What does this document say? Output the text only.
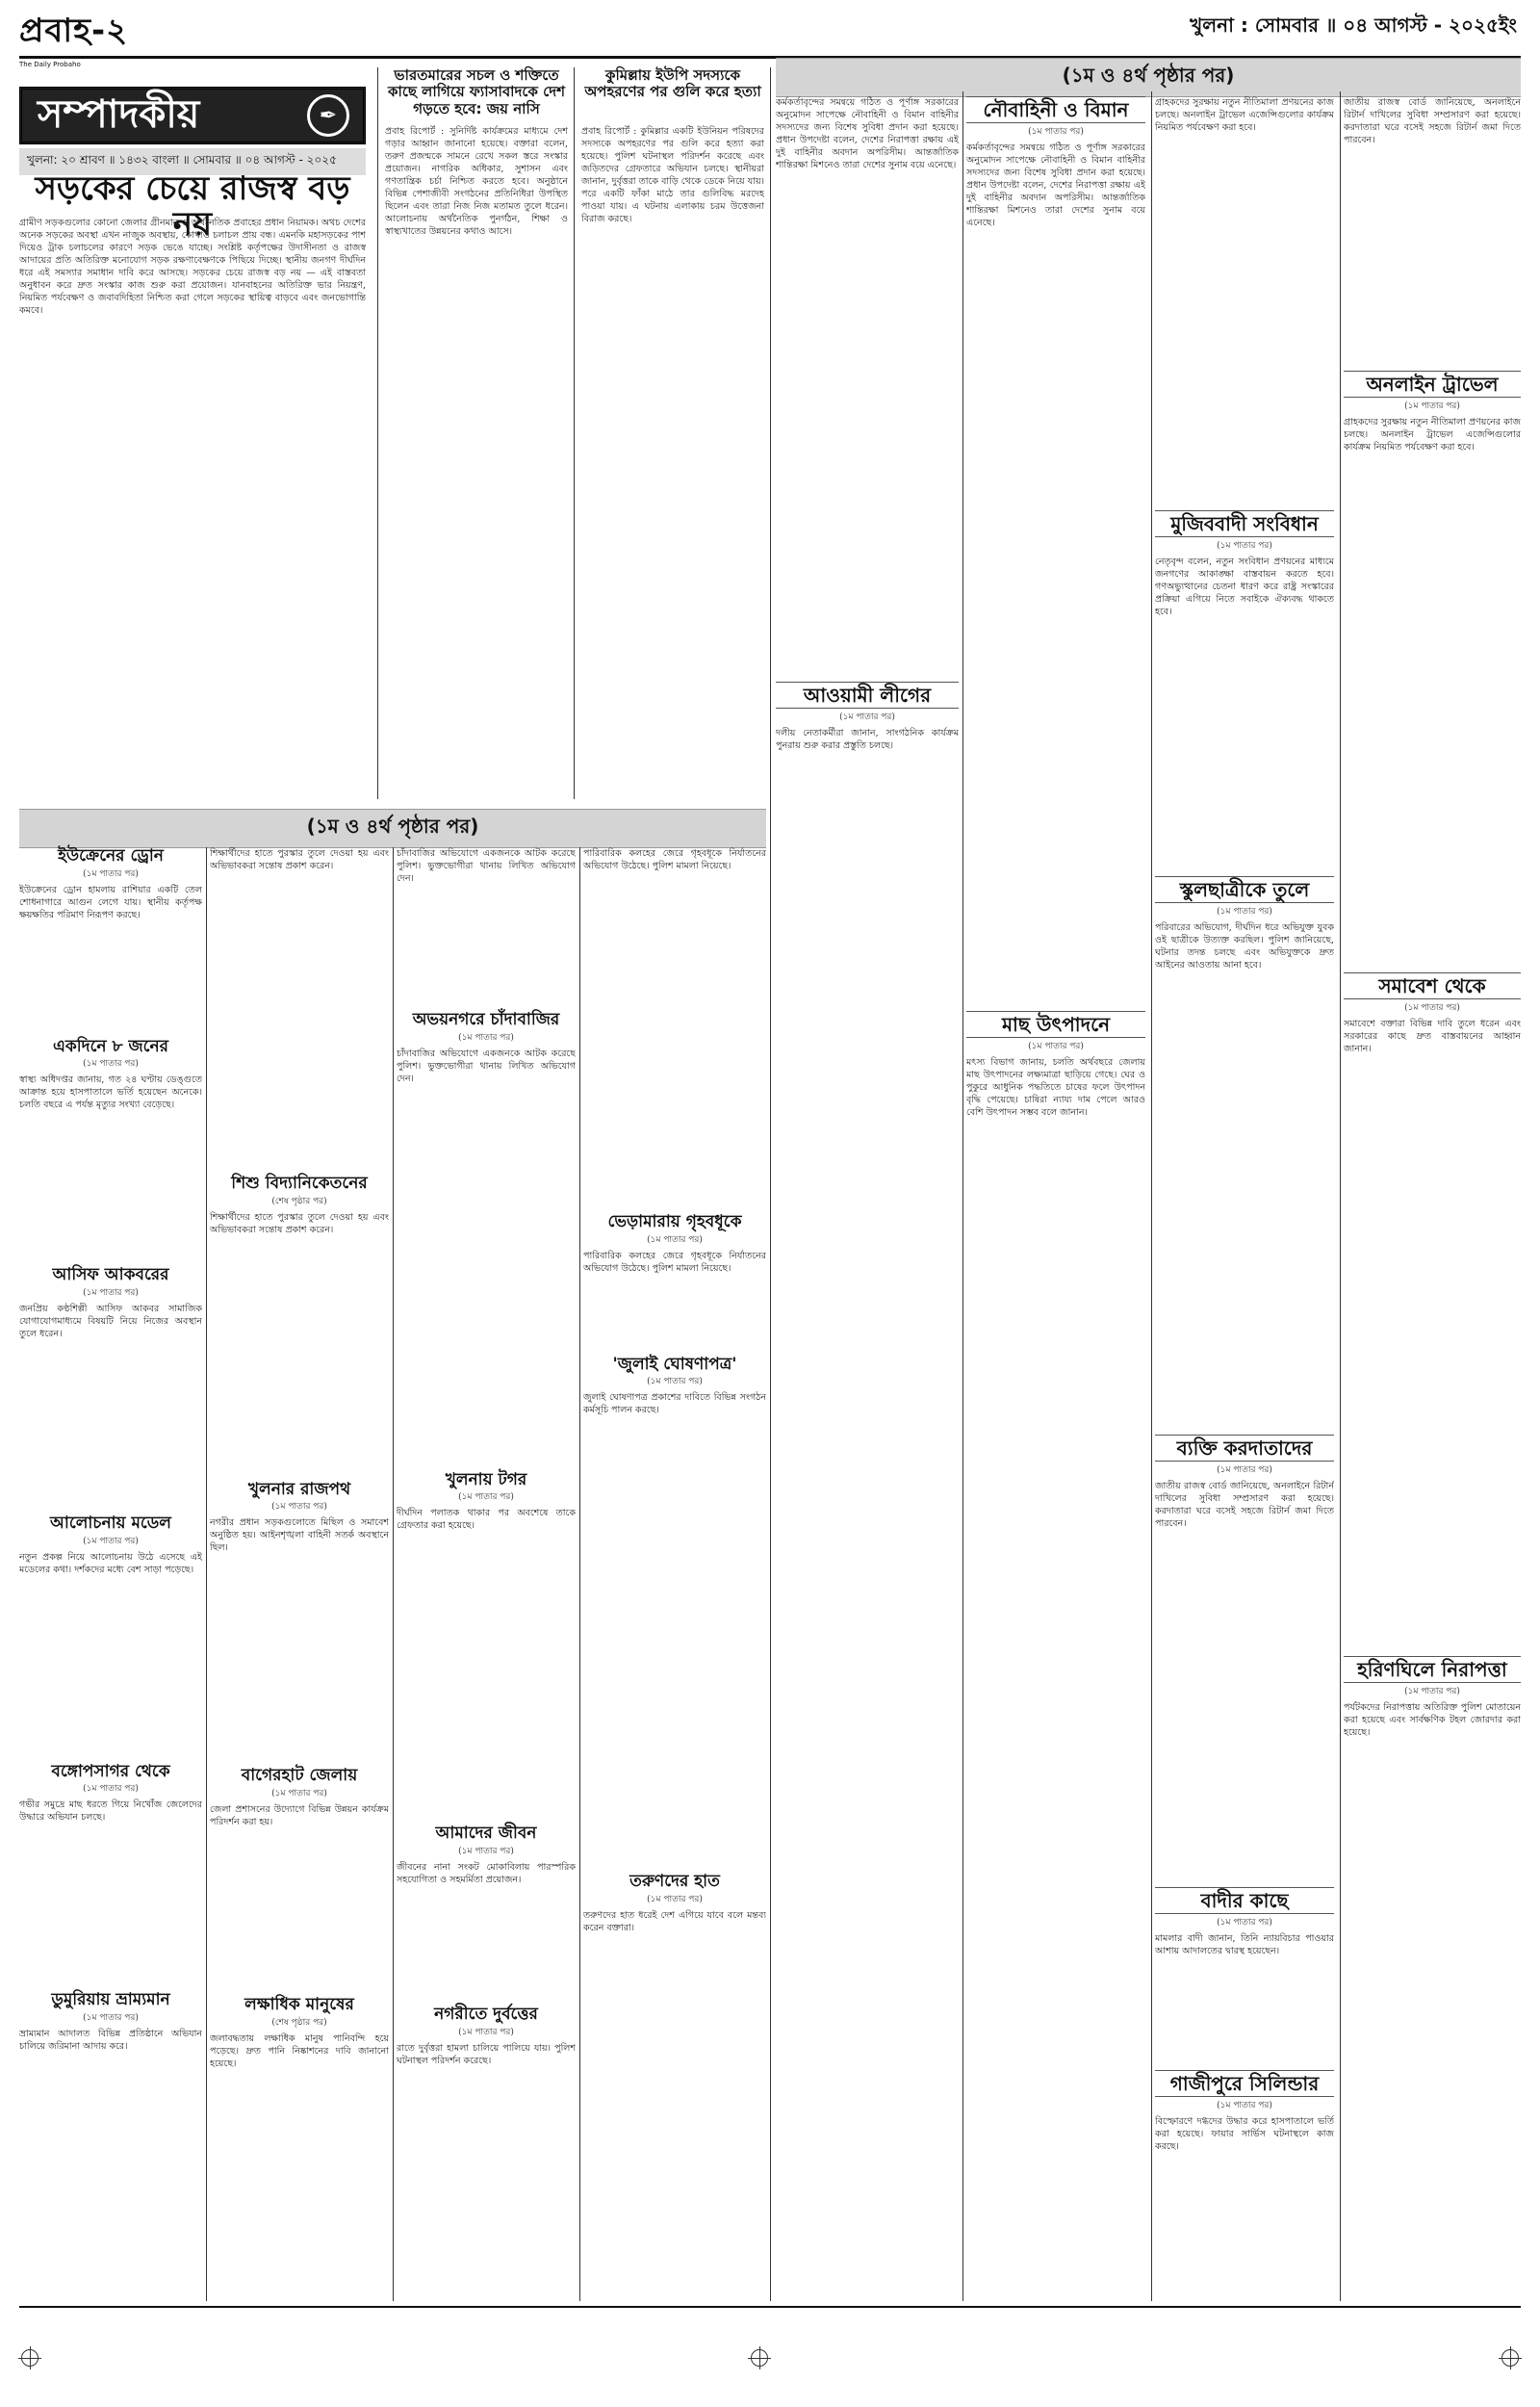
প্রবাহ-২
The Daily Probaho
খুলনা : সোমবার ॥ ০৪ আগস্ট - ২০২৫ইং
সম্পাদকীয়	✒
খুলনা: ২০ শ্রাবণ ॥ ১৪৩২ বাংলা ॥ সোমবার ॥ ০৪ আগস্ট - ২০২৫
সড়কের চেয়ে রাজস্ব বড় নয়
গ্রামীণ সড়কগুলোর কোনো জেলার গ্রীনমান ও অর্থনৈতিক প্রবাহের প্রধান নিয়ামক। অথচ দেশের অনেক সড়কের অবস্থা এখন নাজুক অবস্থায়, কোথাও চলাচল প্রায় বন্ধ। এমনকি মহাসড়কের পাশ দিয়েও ট্রাক চলাচলের কারণে সড়ক ভেঙে যাচ্ছে। সংশ্লিষ্ট কর্তৃপক্ষের উদাসীনতা ও রাজস্ব আদায়ের প্রতি অতিরিক্ত মনোযোগ সড়ক রক্ষণাবেক্ষণকে পিছিয়ে দিচ্ছে। স্থানীয় জনগণ দীর্ঘদিন ধরে এই সমস্যার সমাধান দাবি করে আসছে। সড়কের চেয়ে রাজস্ব বড় নয় — এই বাস্তবতা অনুধাবন করে দ্রুত সংস্কার কাজ শুরু করা প্রয়োজন। যানবাহনের অতিরিক্ত ভার নিয়ন্ত্রণ, নিয়মিত পর্যবেক্ষণ ও জবাবদিহিতা নিশ্চিত করা গেলে সড়কের স্থায়িত্ব বাড়বে এবং জনভোগান্তি কমবে।
ভারতমারের সচল ও শক্তিতে কাছে লাগিয়ে ফ্যাসাবাদকে দেশ গড়তে হবে: জয় নাসি
প্রবাহ রিপোর্ট : সুনির্দিষ্ট কার্যক্রমের মাধ্যমে দেশ গড়ার আহ্বান জানানো হয়েছে। বক্তারা বলেন, তরুণ প্রজন্মকে সামনে রেখে সকল স্তরে সংস্কার প্রয়োজন। নাগরিক অধিকার, সুশাসন এবং গণতান্ত্রিক চর্চা নিশ্চিত করতে হবে। অনুষ্ঠানে বিভিন্ন পেশাজীবী সংগঠনের প্রতিনিধিরা উপস্থিত ছিলেন এবং তারা নিজ নিজ মতামত তুলে ধরেন। আলোচনায় অর্থনৈতিক পুনর্গঠন, শিক্ষা ও স্বাস্থ্যখাতের উন্নয়নের কথাও আসে।
কুমিল্লায় ইউপি সদস্যকে অপহরণের পর গুলি করে হত্যা
প্রবাহ রিপোর্ট : কুমিল্লার একটি ইউনিয়ন পরিষদের সদস্যকে অপহরণের পর গুলি করে হত্যা করা হয়েছে। পুলিশ ঘটনাস্থল পরিদর্শন করেছে এবং জড়িতদের গ্রেফতারে অভিযান চলছে। স্থানীয়রা জানান, দুর্বৃত্তরা তাকে বাড়ি থেকে ডেকে নিয়ে যায়। পরে একটি ফাঁকা মাঠে তার গুলিবিদ্ধ মরদেহ পাওয়া যায়। এ ঘটনায় এলাকায় চরম উত্তেজনা বিরাজ করছে।
(১ম ও ৪র্থ পৃষ্ঠার পর)
কর্মকর্তাবৃন্দের সমন্বয়ে গঠিত ও পূর্ণাঙ্গ সরকারের অনুমোদন সাপেক্ষে নৌবাহিনী ও বিমান বাহিনীর সদস্যদের জন্য বিশেষ সুবিধা প্রদান করা হয়েছে। প্রধান উপদেষ্টা বলেন, দেশের নিরাপত্তা রক্ষায় এই দুই বাহিনীর অবদান অপরিসীম। আন্তর্জাতিক শান্তিরক্ষা মিশনেও তারা দেশের সুনাম বয়ে এনেছে।
আওয়ামী লীগের
(১ম পাতার পর)
দলীয় নেতাকর্মীরা জানান, সাংগঠনিক কার্যক্রম পুনরায় শুরু করার প্রস্তুতি চলছে।
নৌবাহিনী ও বিমান
(১ম পাতার পর)
কর্মকর্তাবৃন্দের সমন্বয়ে গঠিত ও পূর্ণাঙ্গ সরকারের অনুমোদন সাপেক্ষে নৌবাহিনী ও বিমান বাহিনীর সদস্যদের জন্য বিশেষ সুবিধা প্রদান করা হয়েছে। প্রধান উপদেষ্টা বলেন, দেশের নিরাপত্তা রক্ষায় এই দুই বাহিনীর অবদান অপরিসীম। আন্তর্জাতিক শান্তিরক্ষা মিশনেও তারা দেশের সুনাম বয়ে এনেছে।
মাছ উৎপাদনে
(১ম পাতার পর)
মৎস্য বিভাগ জানায়, চলতি অর্থবছরে জেলায় মাছ উৎপাদনের লক্ষ্যমাত্রা ছাড়িয়ে গেছে। ঘের ও পুকুরে আধুনিক পদ্ধতিতে চাষের ফলে উৎপাদন বৃদ্ধি পেয়েছে। চাষিরা ন্যায্য দাম পেলে আরও বেশি উৎপাদন সম্ভব বলে জানান।
গ্রাহকদের সুরক্ষায় নতুন নীতিমালা প্রণয়নের কাজ চলছে। অনলাইন ট্রাভেল এজেন্সিগুলোর কার্যক্রম নিয়মিত পর্যবেক্ষণ করা হবে।
মুজিববাদী সংবিধান
(১ম পাতার পর)
নেতৃবৃন্দ বলেন, নতুন সংবিধান প্রণয়নের মাধ্যমে জনগণের আকাঙ্ক্ষা বাস্তবায়ন করতে হবে। গণঅভ্যুত্থানের চেতনা ধারণ করে রাষ্ট্র সংস্কারের প্রক্রিয়া এগিয়ে নিতে সবাইকে ঐক্যবদ্ধ থাকতে হবে।
স্কুলছাত্রীকে তুলে
(১ম পাতার পর)
পরিবারের অভিযোগ, দীর্ঘদিন ধরে অভিযুক্ত যুবক ওই ছাত্রীকে উত্যক্ত করছিল। পুলিশ জানিয়েছে, ঘটনার তদন্ত চলছে এবং অভিযুক্তকে দ্রুত আইনের আওতায় আনা হবে।
ব্যক্তি করদাতাদের
(১ম পাতার পর)
জাতীয় রাজস্ব বোর্ড জানিয়েছে, অনলাইনে রিটার্ন দাখিলের সুবিধা সম্প্রসারণ করা হয়েছে। করদাতারা ঘরে বসেই সহজে রিটার্ন জমা দিতে পারবেন।
বাদীর কাছে
(১ম পাতার পর)
মামলার বাদী জানান, তিনি ন্যায়বিচার পাওয়ার আশায় আদালতের দ্বারস্থ হয়েছেন।
গাজীপুরে সিলিন্ডার
(১ম পাতার পর)
বিস্ফোরণে দগ্ধদের উদ্ধার করে হাসপাতালে ভর্তি করা হয়েছে। ফায়ার সার্ভিস ঘটনাস্থলে কাজ করছে।
জাতীয় রাজস্ব বোর্ড জানিয়েছে, অনলাইনে রিটার্ন দাখিলের সুবিধা সম্প্রসারণ করা হয়েছে। করদাতারা ঘরে বসেই সহজে রিটার্ন জমা দিতে পারবেন।
অনলাইন ট্রাভেল
(১ম পাতার পর)
গ্রাহকদের সুরক্ষায় নতুন নীতিমালা প্রণয়নের কাজ চলছে। অনলাইন ট্রাভেল এজেন্সিগুলোর কার্যক্রম নিয়মিত পর্যবেক্ষণ করা হবে।
সমাবেশ থেকে
(১ম পাতার পর)
সমাবেশে বক্তারা বিভিন্ন দাবি তুলে ধরেন এবং সরকারের কাছে দ্রুত বাস্তবায়নের আহ্বান জানান।
হরিণঘিলে নিরাপত্তা
(১ম পাতার পর)
পর্যটকদের নিরাপত্তায় অতিরিক্ত পুলিশ মোতায়েন করা হয়েছে এবং সার্বক্ষণিক টহল জোরদার করা হয়েছে।
(১ম ও ৪র্থ পৃষ্ঠার পর)
ইউক্রেনের ড্রোন
(১ম পাতার পর)
ইউক্রেনের ড্রোন হামলায় রাশিয়ার একটি তেল শোধনাগারে আগুন লেগে যায়। স্থানীয় কর্তৃপক্ষ ক্ষয়ক্ষতির পরিমাণ নিরূপণ করছে।
একদিনে ৮ জনের
(১ম পাতার পর)
স্বাস্থ্য অধিদপ্তর জানায়, গত ২৪ ঘণ্টায় ডেঙ্গুতে আক্রান্ত হয়ে হাসপাতালে ভর্তি হয়েছেন অনেকে। চলতি বছরে এ পর্যন্ত মৃত্যুর সংখ্যা বেড়েছে।
আসিফ আকবরের
(১ম পাতার পর)
জনপ্রিয় কণ্ঠশিল্পী আসিফ আকবর সামাজিক যোগাযোগমাধ্যমে বিষয়টি নিয়ে নিজের অবস্থান তুলে ধরেন।
আলোচনায় মডেল
(১ম পাতার পর)
নতুন প্রকল্প নিয়ে আলোচনায় উঠে এসেছে এই মডেলের কথা। দর্শকদের মধ্যে বেশ সাড়া পড়েছে।
বঙ্গোপসাগর থেকে
(১ম পাতার পর)
গভীর সমুদ্রে মাছ ধরতে গিয়ে নিখোঁজ জেলেদের উদ্ধারে অভিযান চলছে।
ডুমুরিয়ায় ভ্রাম্যমান
(১ম পাতার পর)
ভ্রাম্যমান আদালত বিভিন্ন প্রতিষ্ঠানে অভিযান চালিয়ে জরিমানা আদায় করে।
শিক্ষার্থীদের হাতে পুরস্কার তুলে দেওয়া হয় এবং অভিভাবকরা সন্তোষ প্রকাশ করেন।
শিশু বিদ্যানিকেতনের
(শেষ পৃষ্ঠার পর)
শিক্ষার্থীদের হাতে পুরস্কার তুলে দেওয়া হয় এবং অভিভাবকরা সন্তোষ প্রকাশ করেন।
খুলনার রাজপথ
(১ম পাতার পর)
নগরীর প্রধান সড়কগুলোতে মিছিল ও সমাবেশ অনুষ্ঠিত হয়। আইনশৃঙ্খলা বাহিনী সতর্ক অবস্থানে ছিল।
বাগেরহাট জেলায়
(১ম পাতার পর)
জেলা প্রশাসনের উদ্যোগে বিভিন্ন উন্নয়ন কার্যক্রম পরিদর্শন করা হয়।
লক্ষাধিক মানুষের
(শেষ পৃষ্ঠার পর)
জলাবদ্ধতায় লক্ষাধিক মানুষ পানিবন্দি হয়ে পড়েছে। দ্রুত পানি নিষ্কাশনের দাবি জানানো হয়েছে।
চাঁদাবাজির অভিযোগে একজনকে আটক করেছে পুলিশ। ভুক্তভোগীরা থানায় লিখিত অভিযোগ দেন।
অভয়নগরে চাঁদাবাজির
(১ম পাতার পর)
চাঁদাবাজির অভিযোগে একজনকে আটক করেছে পুলিশ। ভুক্তভোগীরা থানায় লিখিত অভিযোগ দেন।
খুলনায় টগর
(১ম পাতার পর)
দীর্ঘদিন পলাতক থাকার পর অবশেষে তাকে গ্রেফতার করা হয়েছে।
আমাদের জীবন
(১ম পাতার পর)
জীবনের নানা সংকট মোকাবিলায় পারস্পরিক সহযোগিতা ও সহমর্মিতা প্রয়োজন।
নগরীতে দুর্বত্তের
(১ম পাতার পর)
রাতে দুর্বৃত্তরা হামলা চালিয়ে পালিয়ে যায়। পুলিশ ঘটনাস্থল পরিদর্শন করেছে।
পারিবারিক কলহের জেরে গৃহবধূকে নির্যাতনের অভিযোগ উঠেছে। পুলিশ মামলা নিয়েছে।
ভেড়ামারায় গৃহবধূকে
(১ম পাতার পর)
পারিবারিক কলহের জেরে গৃহবধূকে নির্যাতনের অভিযোগ উঠেছে। পুলিশ মামলা নিয়েছে।
'জুলাই ঘোষণাপত্র'
(১ম পাতার পর)
জুলাই ঘোষণাপত্র প্রকাশের দাবিতে বিভিন্ন সংগঠন কর্মসূচি পালন করছে।
তরুণদের হাত
(১ম পাতার পর)
তরুণদের হাত ধরেই দেশ এগিয়ে যাবে বলে মন্তব্য করেন বক্তারা।
